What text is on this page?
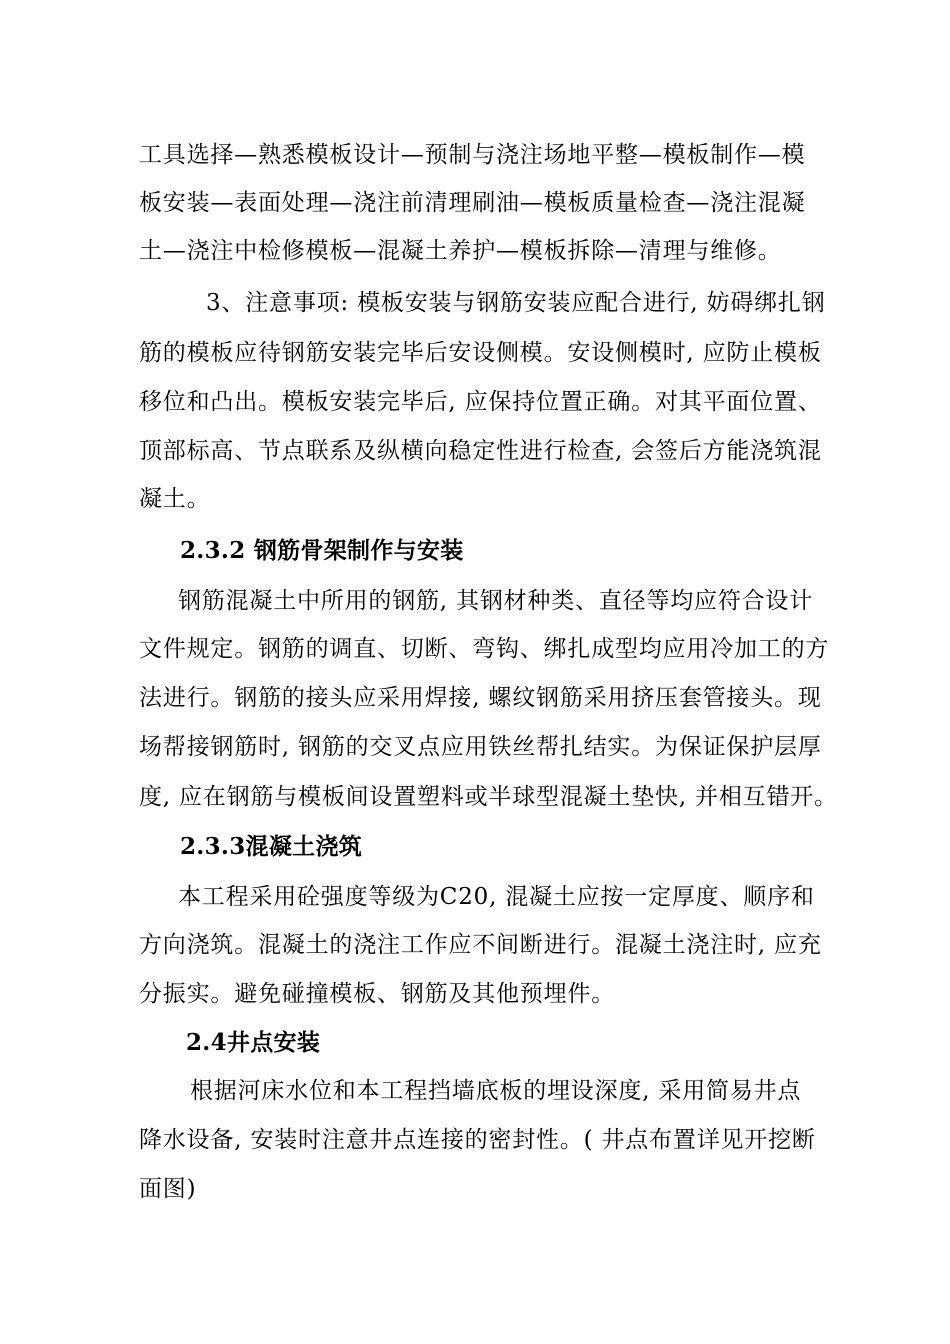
工具选择—熟悉模板设计—预制与浇注场地平整—模板制作—模
板安装—表面处理—浇注前清理刷油—模板质量检查—浇注混凝
土—浇注中检修模板—混凝土养护—模板拆除—清理与维修。
3、注意事项: 模板安装与钢筋安装应配合进行, 妨碍绑扎钢
筋的模板应待钢筋安装完毕后安设侧模。安设侧模时, 应防止模板
移位和凸出。模板安装完毕后, 应保持位置正确。对其平面位置、
顶部标高、节点联系及纵横向稳定性进行检查, 会签后方能浇筑混
凝土。
2.3.2 钢筋骨架制作与安装
钢筋混凝土中所用的钢筋, 其钢材种类、直径等均应符合设计
文件规定。钢筋的调直、切断、弯钩、绑扎成型均应用冷加工的方
法进行。钢筋的接头应采用焊接, 螺纹钢筋采用挤压套管接头。现
场帮接钢筋时, 钢筋的交叉点应用铁丝帮扎结实。为保证保护层厚
度, 应在钢筋与模板间设置塑料或半球型混凝土垫快, 并相互错开。
2.3.3混凝土浇筑
本工程采用砼强度等级为C20, 混凝土应按一定厚度、顺序和
方向浇筑。混凝土的浇注工作应不间断进行。混凝土浇注时, 应充
分振实。避免碰撞模板、钢筋及其他预埋件。
2.4井点安装
根据河床水位和本工程挡墙底板的埋设深度, 采用简易井点
降水设备, 安装时注意井点连接的密封性。( 井点布置详见开挖断
面图)
